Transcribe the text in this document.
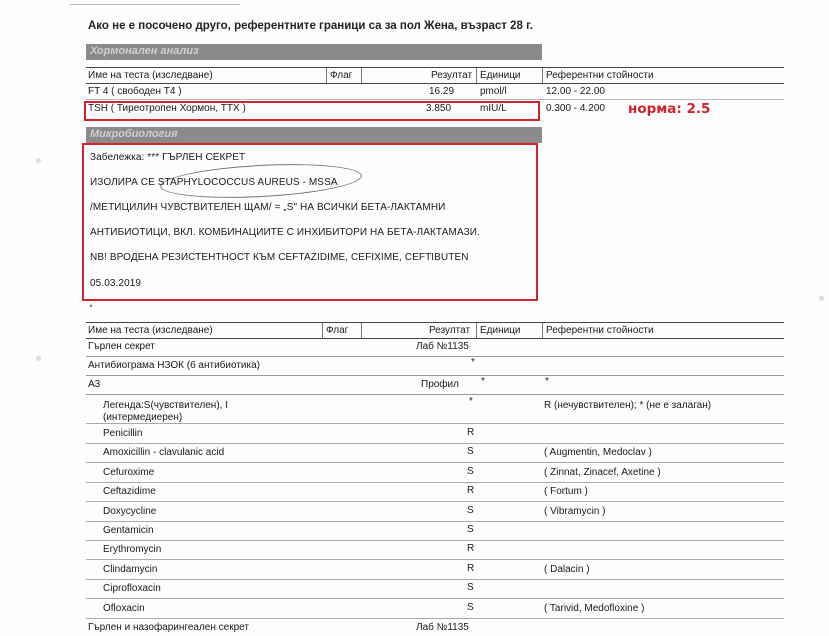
Ако не е посочено друго, референтните граници са за пол Жена, възраст 28 г.
Хормонален анализ
Име на теста (изследване)	Флаг	Резултат Единици	Референтни стойности
FT 4 ( свободен Т4 )	16.29	pmol/l	12.00 - 22.00
TSH ( Тиреотропен Хормон, ТТХ )	3.850	mIU/L	0.300 - 4.200 норма: 2.5
Микробиология
Забележка: *** ГЪРЛЕН СЕКРЕТ
ИЗОЛИРА СЕ STAPHYLOCOCCUS AUREUS - MSSA
/МЕТИЦИЛИН ЧУВСТВИТЕЛЕН ЩАМ/ = „S" НА ВСИЧКИ БЕТА-ЛАКТАМНИ
АНТИБИОТИЦИ, ВКЛ. КОМБИНАЦИИТЕ С ИНХИБИТОРИ НА БЕТА-ЛАКТАМАЗИ.
NB! ВРОДЕНА РЕЗИСТЕНТНОСТ КЪМ CEFTAZIDIME, CEFIXIME, CEFTIBUTEN
05.03.2019
▲
Име на теста (изследване)	Флаг	Резултат Единици	Референтни стойности
Гърлен секрет	Лаб №1135
Антибиограма НЗОК (6 антибиотика)	*
A3	Профил *	*
Легенда:S(чувствителен), I (интермедиерен)
*	R (нечувствителен); * (не е залаган)
Penicillin	R
Amoxicillin - clavulanic acid	S	( Augmentin, Medoclav )
Cefuroxime	S	( Zinnat, Zinacef, Axetine )
Ceftazidime	R	( Fortum )
Doxycycline	S	( Vibramycin )
Gentamicin	S
Erythromycin	R
Clindamycin	R	( Dalacin )
Ciprofloxacin	S
Ofloxacin	S	( Tarivid, Medofloxine )
Гърлен и назофарингеален секрет	Лаб №1135
